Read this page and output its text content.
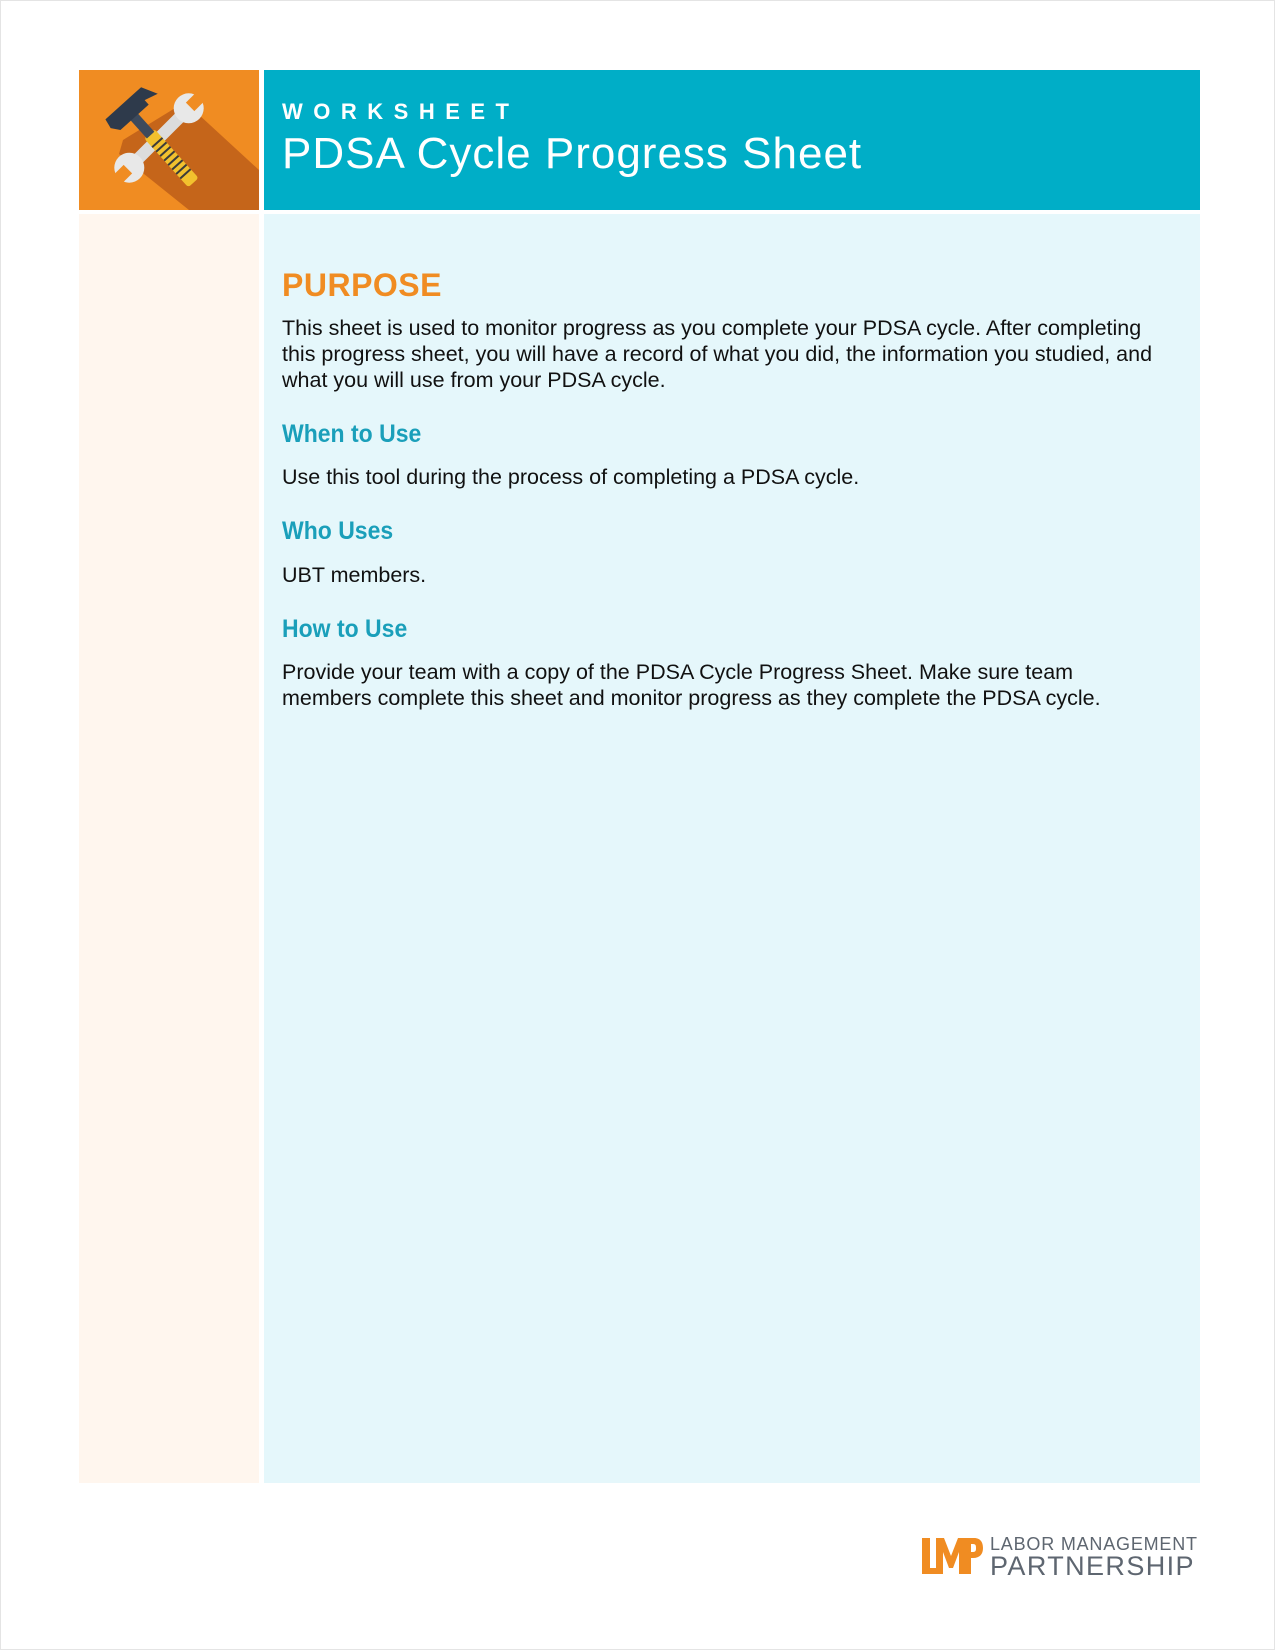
WORKSHEET
PDSA Cycle Progress Sheet
PURPOSE

This sheet is used to monitor progress as you complete your PDSA cycle. After completing this progress sheet, you will have a record of what you did, the information you studied, and what you will use from your PDSA cycle.

When to Use

Use this tool during the process of completing a PDSA cycle.

Who Uses

UBT members.

How to Use

Provide your team with a copy of the PDSA Cycle Progress Sheet. Make sure team members complete this sheet and monitor progress as they complete the PDSA cycle.

LABOR MANAGEMENT
PARTNERSHIP
